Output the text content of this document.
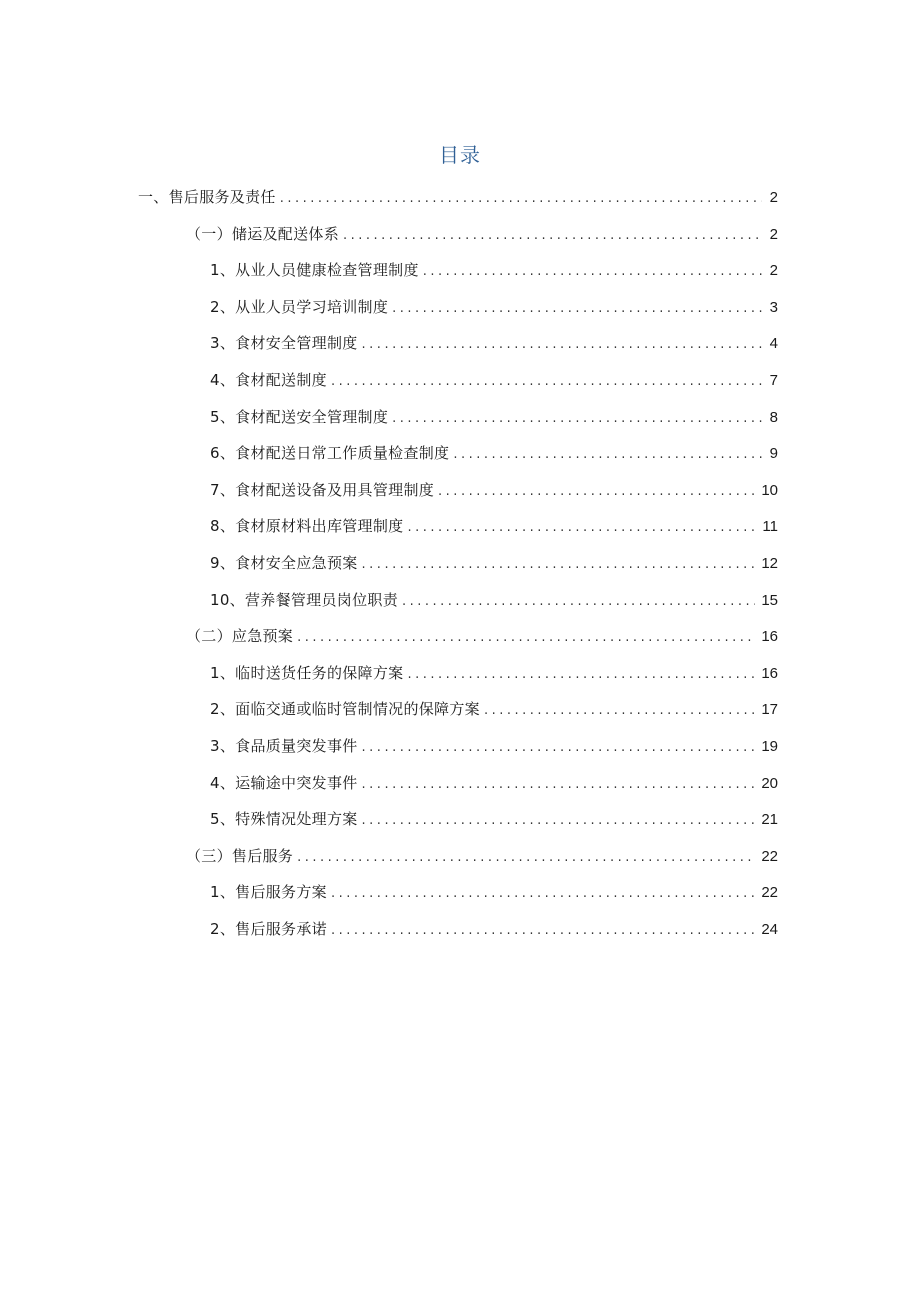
目录
一、售后服务及责任 .....	2
（一）储运及配送体系 .....	2
1、从业人员健康检查管理制度 .....	2
2、从业人员学习培训制度 .....	3
3、食材安全管理制度 .....	4
4、食材配送制度 .....	7
5、食材配送安全管理制度 .....	8
6、食材配送日常工作质量检查制度 .....	9
7、食材配送设备及用具管理制度 .....	10
8、食材原材料出库管理制度 .....	11
9、食材安全应急预案 .....	12
10、营养餐管理员岗位职责 .....	15
（二）应急预案 .....	16
1、临时送货任务的保障方案 .....	16
2、面临交通或临时管制情况的保障方案 .....	17
3、食品质量突发事件 .....	19
4、运输途中突发事件 .....	20
5、特殊情况处理方案 .....	21
（三）售后服务 .....	22
1、售后服务方案 .....	22
2、售后服务承诺 .....	24
